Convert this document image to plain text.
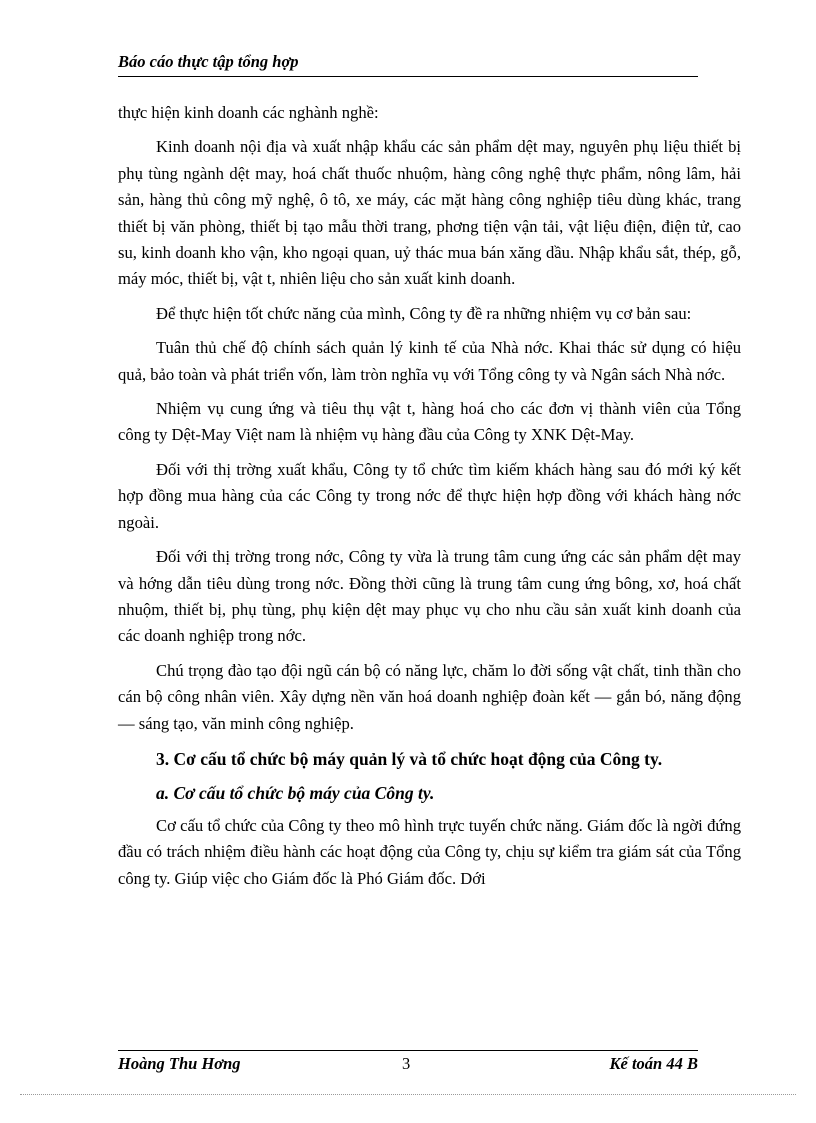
Báo cáo thực tập tổng hợp

thực hiện kinh doanh các nghành nghề:

Kinh doanh nội địa và xuất nhập khẩu các sản phẩm dệt may, nguyên phụ liệu thiết bị phụ tùng ngành dệt may, hoá chất thuốc nhuộm, hàng công nghệ thực phẩm, nông lâm, hải sản, hàng thủ công mỹ nghệ, ô tô, xe máy, các mặt hàng công nghiệp tiêu dùng khác, trang thiết bị văn phòng, thiết bị tạo mẫu thời trang, phơng tiện vận tải, vật liệu điện, điện tử, cao su, kinh doanh kho vận, kho ngoại quan, uỷ thác mua bán xăng dầu. Nhập khẩu sắt, thép, gỗ, máy móc, thiết bị, vật t, nhiên liệu cho sản xuất kinh doanh.

Để thực hiện tốt chức năng của mình, Công ty đề ra những nhiệm vụ cơ bản sau:

Tuân thủ chế độ chính sách quản lý kinh tế của Nhà nớc. Khai thác sử dụng có hiệu quả, bảo toàn và phát triển vốn, làm tròn nghĩa vụ với Tổng công ty và Ngân sách Nhà nớc.

Nhiệm vụ cung ứng và tiêu thụ vật t, hàng hoá cho các đơn vị thành viên của Tổng công ty Dệt-May Việt nam là nhiệm vụ hàng đầu của Công ty XNK Dệt-May.

Đối với thị trờng xuất khẩu, Công ty tổ chức tìm kiếm khách hàng sau đó mới ký kết hợp đồng mua hàng của các Công ty trong nớc để thực hiện hợp đồng với khách hàng nớc ngoài.

Đối với thị trờng trong nớc, Công ty vừa là trung tâm cung ứng các sản phẩm dệt may và hớng dẫn tiêu dùng trong nớc. Đồng thời cũng là trung tâm cung ứng bông, xơ, hoá chất nhuộm, thiết bị, phụ tùng, phụ kiện dệt may phục vụ cho nhu cầu sản xuất kinh doanh của các doanh nghiệp trong nớc.

Chú trọng đào tạo đội ngũ cán bộ có năng lực, chăm lo đời sống vật chất, tinh thần cho cán bộ công nhân viên. Xây dựng nền văn hoá doanh nghiệp đoàn kết — gắn bó, năng động — sáng tạo, văn minh công nghiệp.

3. Cơ cấu tổ chức bộ máy quản lý và tổ chức hoạt động của Công ty.
a. Cơ cấu tổ chức bộ máy của Công ty.

Cơ cấu tổ chức của Công ty theo mô hình trực tuyến chức năng. Giám đốc là ngời đứng đầu có trách nhiệm điều hành các hoạt động của Công ty, chịu sự kiểm tra giám sát của Tổng công ty. Giúp việc cho Giám đốc là Phó Giám đốc. Dới

Hoàng Thu Hơng	3	Kế toán 44 B
